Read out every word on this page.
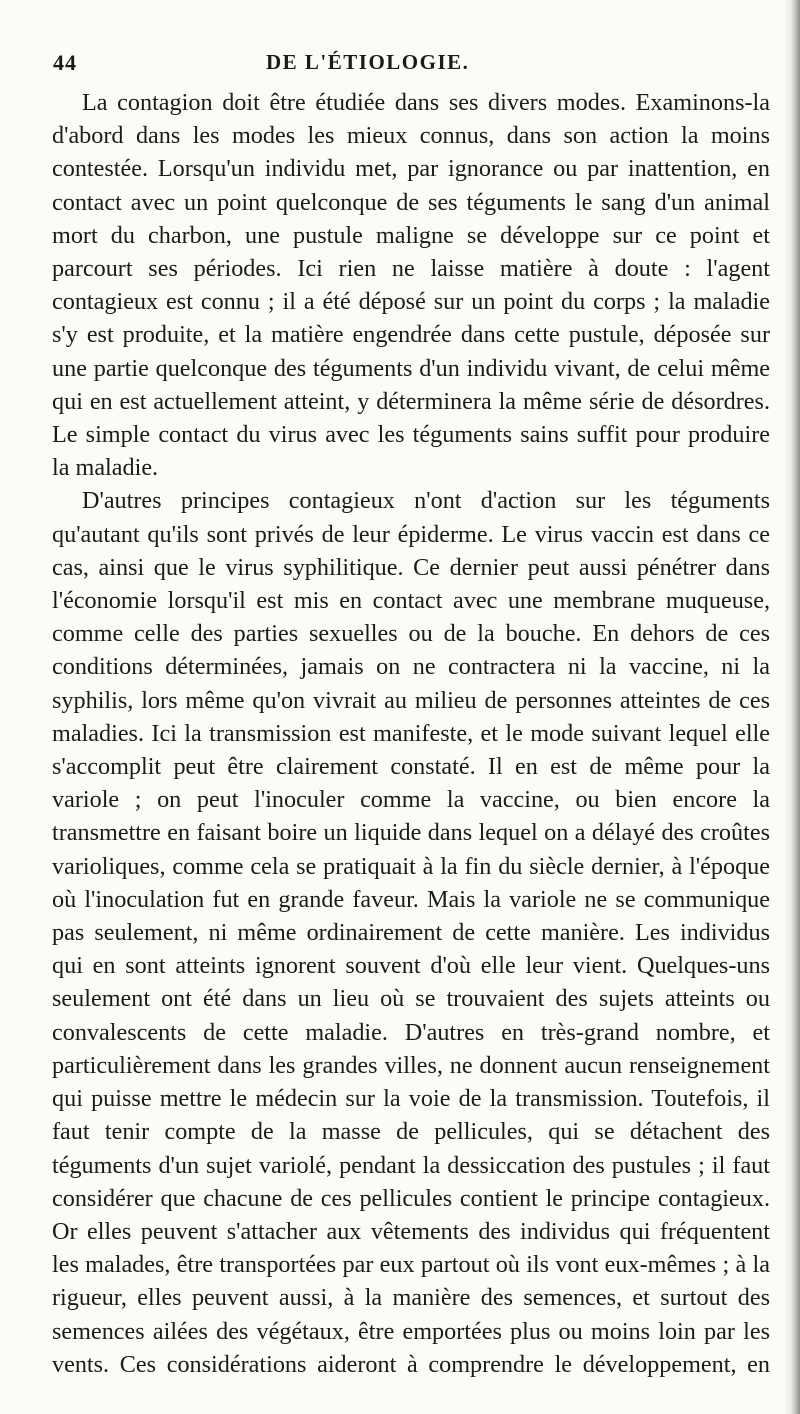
44	DE L'ÉTIOLOGIE.

La contagion doit être étudiée dans ses divers modes. Examinons-la d'abord dans les modes les mieux connus, dans son action la moins contestée. Lorsqu'un individu met, par ignorance ou par inattention, en contact avec un point quelconque de ses téguments le sang d'un animal mort du charbon, une pustule maligne se développe sur ce point et parcourt ses périodes. Ici rien ne laisse matière à doute : l'agent contagieux est connu ; il a été déposé sur un point du corps ; la maladie s'y est produite, et la matière engendrée dans cette pustule, déposée sur une partie quelconque des téguments d'un individu vivant, de celui même qui en est actuellement atteint, y déterminera la même série de désordres. Le simple contact du virus avec les téguments sains suffit pour produire la maladie.

D'autres principes contagieux n'ont d'action sur les téguments qu'autant qu'ils sont privés de leur épiderme. Le virus vaccin est dans ce cas, ainsi que le virus syphilitique. Ce dernier peut aussi pénétrer dans l'économie lorsqu'il est mis en contact avec une membrane muqueuse, comme celle des parties sexuelles ou de la bouche. En dehors de ces conditions déterminées, jamais on ne contractera ni la vaccine, ni la syphilis, lors même qu'on vivrait au milieu de personnes atteintes de ces maladies. Ici la transmission est manifeste, et le mode suivant lequel elle s'accomplit peut être clairement constaté. Il en est de même pour la variole ; on peut l'inoculer comme la vaccine, ou bien encore la transmettre en faisant boire un liquide dans lequel on a délayé des croûtes varioliques, comme cela se pratiquait à la fin du siècle dernier, à l'époque où l'inoculation fut en grande faveur. Mais la variole ne se communique pas seulement, ni même ordinairement de cette manière. Les individus qui en sont atteints ignorent souvent d'où elle leur vient. Quelques-uns seulement ont été dans un lieu où se trouvaient des sujets atteints ou convalescents de cette maladie. D'autres en très-grand nombre, et particulièrement dans les grandes villes, ne donnent aucun renseignement qui puisse mettre le médecin sur la voie de la transmission. Toutefois, il faut tenir compte de la masse de pellicules, qui se détachent des téguments d'un sujet variolé, pendant la dessiccation des pustules ; il faut considérer que chacune de ces pellicules contient le principe contagieux. Or elles peuvent s'attacher aux vêtements des individus qui fréquentent les malades, être transportées par eux partout où ils vont eux-mêmes ; à la rigueur, elles peuvent aussi, à la manière des semences, et surtout des semences ailées des végétaux, être emportées plus ou moins loin par les vents. Ces considérations aideront à comprendre le développement, en
